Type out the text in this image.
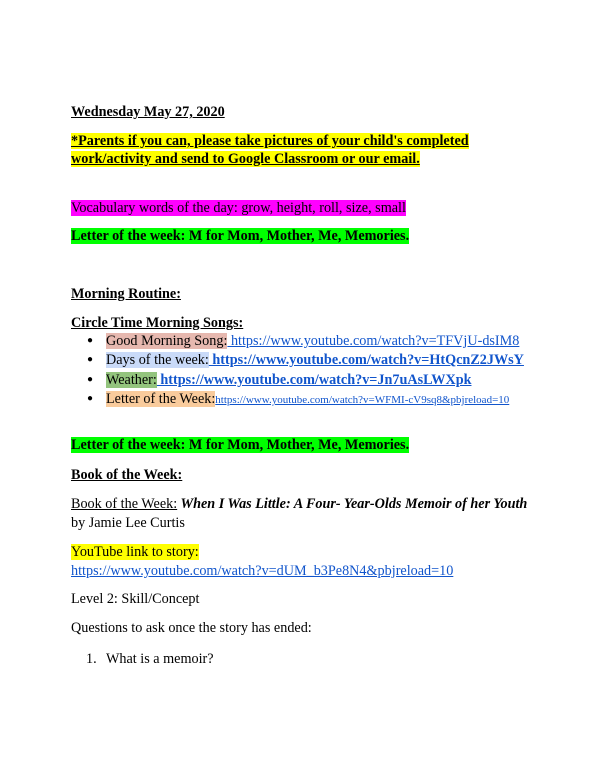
Wednesday May 27, 2020
*Parents if you can, please take pictures of your child's completed
work/activity and send to Google Classroom or our email.
Vocabulary words of the day: grow, height, roll, size, small
Letter of the week: M for Mom, Mother, Me, Memories.
Morning Routine:
Circle Time Morning Songs:
● Good Morning Song: https://www.youtube.com/watch?v=TFVjU-dsIM8
● Days of the week: https://www.youtube.com/watch?v=HtQcnZ2JWsY
● Weather: https://www.youtube.com/watch?v=Jn7uAsLWXpk
● Letter of the Week:https://www.youtube.com/watch?v=WFMI-cV9sq8&pbjreload=10
Letter of the week: M for Mom, Mother, Me, Memories.
Book of the Week:
Book of the Week: When I Was Little: A Four- Year-Olds Memoir of her Youth
by Jamie Lee Curtis
YouTube link to story:
https://www.youtube.com/watch?v=dUM_b3Pe8N4&pbjreload=10
Level 2: Skill/Concept
Questions to ask once the story has ended:
1. What is a memoir?
